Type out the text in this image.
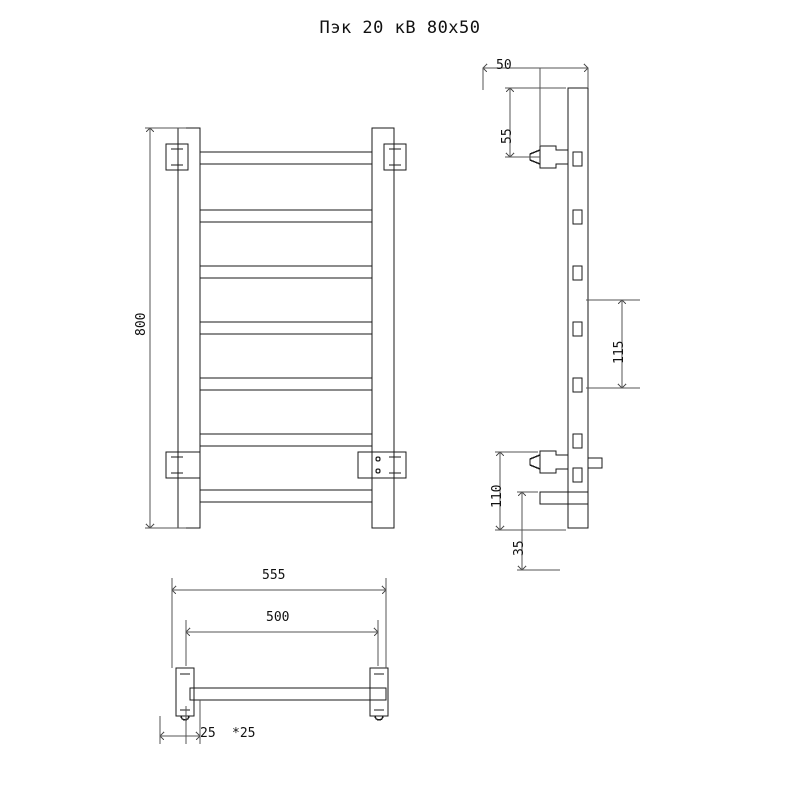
Пэк 20 кВ 80х50
800
50
55
115
110
35
555
500
25 *25
